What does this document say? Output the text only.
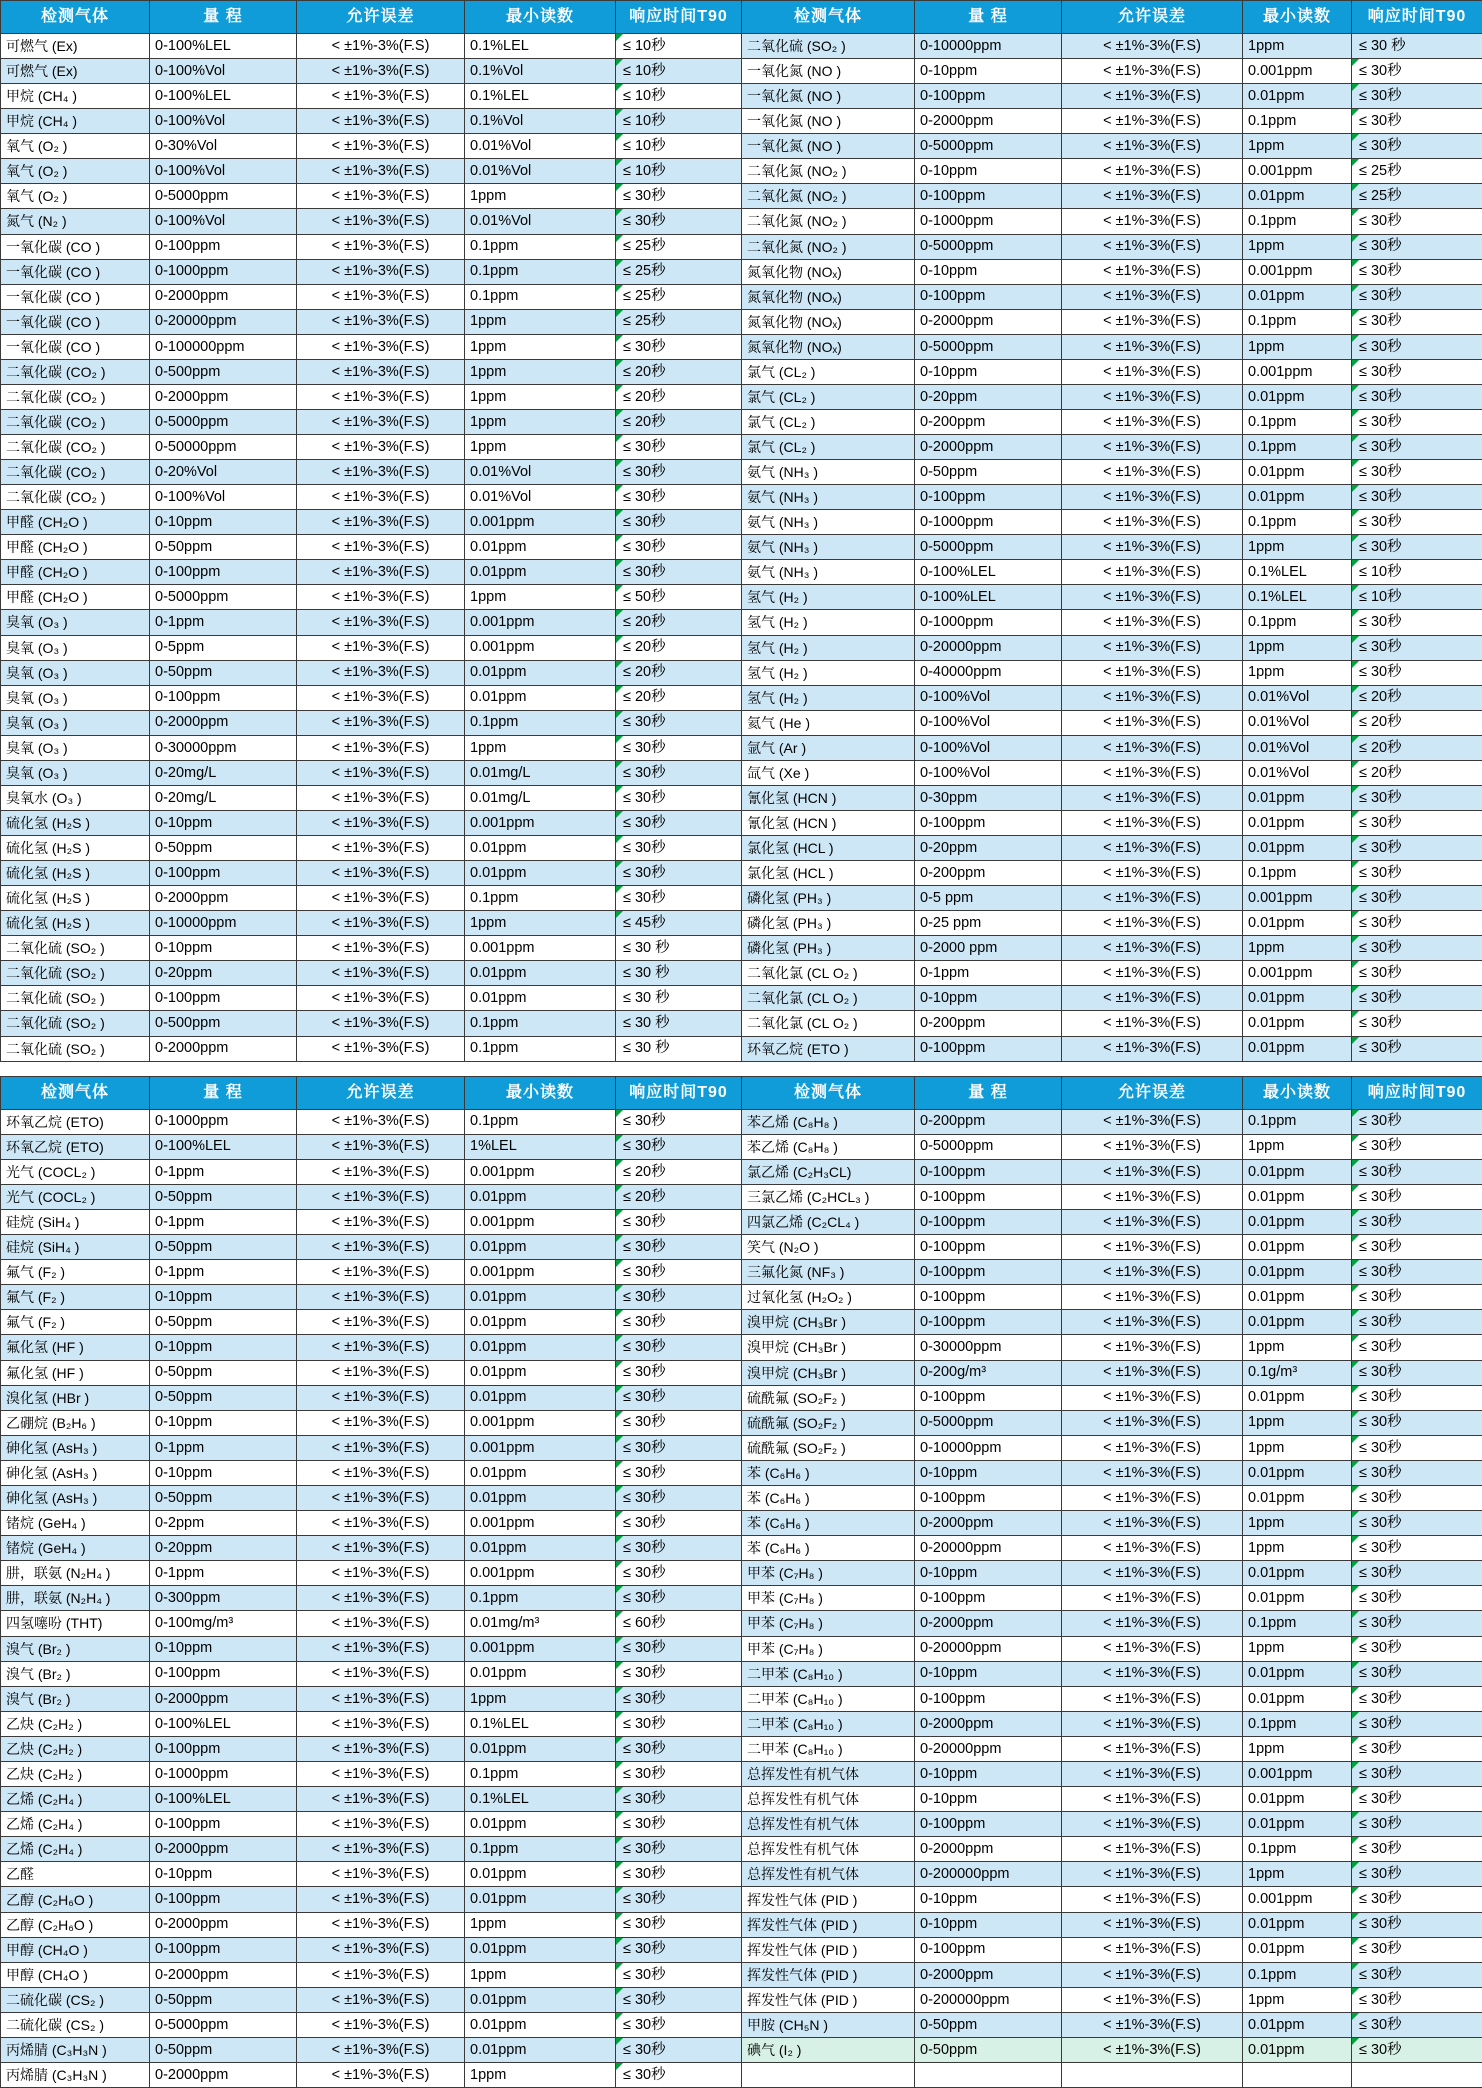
检测气体	量 程	允许误差	最小读数	响应时间T90	检测气体	量 程	允许误差	最小读数	响应时间T90
可燃气 (Ex)	0-100%LEL	< ±1%-3%(F.S)	0.1%LEL	≤ 10秒	二氧化硫 (SO₂ )	0-10000ppm	< ±1%-3%(F.S)	1ppm	≤ 30 秒
可燃气 (Ex)	0-100%Vol	< ±1%-3%(F.S)	0.1%Vol	≤ 10秒	一氧化氮 (NO )	0-10ppm	< ±1%-3%(F.S)	0.001ppm	≤ 30秒
甲烷 (CH₄ )	0-100%LEL	< ±1%-3%(F.S)	0.1%LEL	≤ 10秒	一氧化氮 (NO )	0-100ppm	< ±1%-3%(F.S)	0.01ppm	≤ 30秒
甲烷 (CH₄ )	0-100%Vol	< ±1%-3%(F.S)	0.1%Vol	≤ 10秒	一氧化氮 (NO )	0-2000ppm	< ±1%-3%(F.S)	0.1ppm	≤ 30秒
氧气 (O₂ )	0-30%Vol	< ±1%-3%(F.S)	0.01%Vol	≤ 10秒	一氧化氮 (NO )	0-5000ppm	< ±1%-3%(F.S)	1ppm	≤ 30秒
氧气 (O₂ )	0-100%Vol	< ±1%-3%(F.S)	0.01%Vol	≤ 10秒	二氧化氮 (NO₂ )	0-10ppm	< ±1%-3%(F.S)	0.001ppm	≤ 25秒
氧气 (O₂ )	0-5000ppm	< ±1%-3%(F.S)	1ppm	≤ 30秒	二氧化氮 (NO₂ )	0-100ppm	< ±1%-3%(F.S)	0.01ppm	≤ 25秒
氮气 (N₂ )	0-100%Vol	< ±1%-3%(F.S)	0.01%Vol	≤ 30秒	二氧化氮 (NO₂ )	0-1000ppm	< ±1%-3%(F.S)	0.1ppm	≤ 30秒
一氧化碳 (CO )	0-100ppm	< ±1%-3%(F.S)	0.1ppm	≤ 25秒	二氧化氮 (NO₂ )	0-5000ppm	< ±1%-3%(F.S)	1ppm	≤ 30秒
一氧化碳 (CO )	0-1000ppm	< ±1%-3%(F.S)	0.1ppm	≤ 25秒	氮氧化物 (NOₓ)	0-10ppm	< ±1%-3%(F.S)	0.001ppm	≤ 30秒
一氧化碳 (CO )	0-2000ppm	< ±1%-3%(F.S)	0.1ppm	≤ 25秒	氮氧化物 (NOₓ)	0-100ppm	< ±1%-3%(F.S)	0.01ppm	≤ 30秒
一氧化碳 (CO )	0-20000ppm	< ±1%-3%(F.S)	1ppm	≤ 25秒	氮氧化物 (NOₓ)	0-2000ppm	< ±1%-3%(F.S)	0.1ppm	≤ 30秒
一氧化碳 (CO )	0-100000ppm	< ±1%-3%(F.S)	1ppm	≤ 30秒	氮氧化物 (NOₓ)	0-5000ppm	< ±1%-3%(F.S)	1ppm	≤ 30秒
二氧化碳 (CO₂ )	0-500ppm	< ±1%-3%(F.S)	1ppm	≤ 20秒	氯气 (CL₂ )	0-10ppm	< ±1%-3%(F.S)	0.001ppm	≤ 30秒
二氧化碳 (CO₂ )	0-2000ppm	< ±1%-3%(F.S)	1ppm	≤ 20秒	氯气 (CL₂ )	0-20ppm	< ±1%-3%(F.S)	0.01ppm	≤ 30秒
二氧化碳 (CO₂ )	0-5000ppm	< ±1%-3%(F.S)	1ppm	≤ 20秒	氯气 (CL₂ )	0-200ppm	< ±1%-3%(F.S)	0.1ppm	≤ 30秒
二氧化碳 (CO₂ )	0-50000ppm	< ±1%-3%(F.S)	1ppm	≤ 30秒	氯气 (CL₂ )	0-2000ppm	< ±1%-3%(F.S)	0.1ppm	≤ 30秒
二氧化碳 (CO₂ )	0-20%Vol	< ±1%-3%(F.S)	0.01%Vol	≤ 30秒	氨气 (NH₃ )	0-50ppm	< ±1%-3%(F.S)	0.01ppm	≤ 30秒
二氧化碳 (CO₂ )	0-100%Vol	< ±1%-3%(F.S)	0.01%Vol	≤ 30秒	氨气 (NH₃ )	0-100ppm	< ±1%-3%(F.S)	0.01ppm	≤ 30秒
甲醛 (CH₂O )	0-10ppm	< ±1%-3%(F.S)	0.001ppm	≤ 30秒	氨气 (NH₃ )	0-1000ppm	< ±1%-3%(F.S)	0.1ppm	≤ 30秒
甲醛 (CH₂O )	0-50ppm	< ±1%-3%(F.S)	0.01ppm	≤ 30秒	氨气 (NH₃ )	0-5000ppm	< ±1%-3%(F.S)	1ppm	≤ 30秒
甲醛 (CH₂O )	0-100ppm	< ±1%-3%(F.S)	0.01ppm	≤ 30秒	氨气 (NH₃ )	0-100%LEL	< ±1%-3%(F.S)	0.1%LEL	≤ 10秒
甲醛 (CH₂O )	0-5000ppm	< ±1%-3%(F.S)	1ppm	≤ 50秒	氢气 (H₂ )	0-100%LEL	< ±1%-3%(F.S)	0.1%LEL	≤ 10秒
臭氧 (O₃ )	0-1ppm	< ±1%-3%(F.S)	0.001ppm	≤ 20秒	氢气 (H₂ )	0-1000ppm	< ±1%-3%(F.S)	0.1ppm	≤ 30秒
臭氧 (O₃ )	0-5ppm	< ±1%-3%(F.S)	0.001ppm	≤ 20秒	氢气 (H₂ )	0-20000ppm	< ±1%-3%(F.S)	1ppm	≤ 30秒
臭氧 (O₃ )	0-50ppm	< ±1%-3%(F.S)	0.01ppm	≤ 20秒	氢气 (H₂ )	0-40000ppm	< ±1%-3%(F.S)	1ppm	≤ 30秒
臭氧 (O₃ )	0-100ppm	< ±1%-3%(F.S)	0.01ppm	≤ 20秒	氢气 (H₂ )	0-100%Vol	< ±1%-3%(F.S)	0.01%Vol	≤ 20秒
臭氧 (O₃ )	0-2000ppm	< ±1%-3%(F.S)	0.1ppm	≤ 30秒	氦气 (He )	0-100%Vol	< ±1%-3%(F.S)	0.01%Vol	≤ 20秒
臭氧 (O₃ )	0-30000ppm	< ±1%-3%(F.S)	1ppm	≤ 30秒	氩气 (Ar )	0-100%Vol	< ±1%-3%(F.S)	0.01%Vol	≤ 20秒
臭氧 (O₃ )	0-20mg/L	< ±1%-3%(F.S)	0.01mg/L	≤ 30秒	氙气 (Xe )	0-100%Vol	< ±1%-3%(F.S)	0.01%Vol	≤ 20秒
臭氧水 (O₃ )	0-20mg/L	< ±1%-3%(F.S)	0.01mg/L	≤ 30秒	氰化氢 (HCN )	0-30ppm	< ±1%-3%(F.S)	0.01ppm	≤ 30秒
硫化氢 (H₂S )	0-10ppm	< ±1%-3%(F.S)	0.001ppm	≤ 30秒	氰化氢 (HCN )	0-100ppm	< ±1%-3%(F.S)	0.01ppm	≤ 30秒
硫化氢 (H₂S )	0-50ppm	< ±1%-3%(F.S)	0.01ppm	≤ 30秒	氯化氢 (HCL )	0-20ppm	< ±1%-3%(F.S)	0.01ppm	≤ 30秒
硫化氢 (H₂S )	0-100ppm	< ±1%-3%(F.S)	0.01ppm	≤ 30秒	氯化氢 (HCL )	0-200ppm	< ±1%-3%(F.S)	0.1ppm	≤ 30秒
硫化氢 (H₂S )	0-2000ppm	< ±1%-3%(F.S)	0.1ppm	≤ 30秒	磷化氢 (PH₃ )	0-5 ppm	< ±1%-3%(F.S)	0.001ppm	≤ 30秒
硫化氢 (H₂S )	0-10000ppm	< ±1%-3%(F.S)	1ppm	≤ 45秒	磷化氢 (PH₃ )	0-25 ppm	< ±1%-3%(F.S)	0.01ppm	≤ 30秒
二氧化硫 (SO₂ )	0-10ppm	< ±1%-3%(F.S)	0.001ppm	≤ 30 秒	磷化氢 (PH₃ )	0-2000 ppm	< ±1%-3%(F.S)	1ppm	≤ 30秒
二氧化硫 (SO₂ )	0-20ppm	< ±1%-3%(F.S)	0.01ppm	≤ 30 秒	二氧化氯 (CL O₂ )	0-1ppm	< ±1%-3%(F.S)	0.001ppm	≤ 30秒
二氧化硫 (SO₂ )	0-100ppm	< ±1%-3%(F.S)	0.01ppm	≤ 30 秒	二氧化氯 (CL O₂ )	0-10ppm	< ±1%-3%(F.S)	0.01ppm	≤ 30秒
二氧化硫 (SO₂ )	0-500ppm	< ±1%-3%(F.S)	0.1ppm	≤ 30 秒	二氧化氯 (CL O₂ )	0-200ppm	< ±1%-3%(F.S)	0.01ppm	≤ 30秒
二氧化硫 (SO₂ )	0-2000ppm	< ±1%-3%(F.S)	0.1ppm	≤ 30 秒	环氧乙烷 (ETO )	0-100ppm	< ±1%-3%(F.S)	0.01ppm	≤ 30秒
检测气体	量 程	允许误差	最小读数	响应时间T90	检测气体	量 程	允许误差	最小读数	响应时间T90
环氧乙烷 (ETO)	0-1000ppm	< ±1%-3%(F.S)	0.1ppm	≤ 30秒	苯乙烯 (C₈H₈ )	0-200ppm	< ±1%-3%(F.S)	0.1ppm	≤ 30秒
环氧乙烷 (ETO)	0-100%LEL	< ±1%-3%(F.S)	1%LEL	≤ 30秒	苯乙烯 (C₈H₈ )	0-5000ppm	< ±1%-3%(F.S)	1ppm	≤ 30秒
光气 (COCL₂ )	0-1ppm	< ±1%-3%(F.S)	0.001ppm	≤ 20秒	氯乙烯 (C₂H₃CL)	0-100ppm	< ±1%-3%(F.S)	0.01ppm	≤ 30秒
光气 (COCL₂ )	0-50ppm	< ±1%-3%(F.S)	0.01ppm	≤ 20秒	三氯乙烯 (C₂HCL₃ )	0-100ppm	< ±1%-3%(F.S)	0.01ppm	≤ 30秒
硅烷 (SiH₄ )	0-1ppm	< ±1%-3%(F.S)	0.001ppm	≤ 30秒	四氯乙烯 (C₂CL₄ )	0-100ppm	< ±1%-3%(F.S)	0.01ppm	≤ 30秒
硅烷 (SiH₄ )	0-50ppm	< ±1%-3%(F.S)	0.01ppm	≤ 30秒	笑气 (N₂O )	0-100ppm	< ±1%-3%(F.S)	0.01ppm	≤ 30秒
氟气 (F₂ )	0-1ppm	< ±1%-3%(F.S)	0.001ppm	≤ 30秒	三氟化氮 (NF₃ )	0-100ppm	< ±1%-3%(F.S)	0.01ppm	≤ 30秒
氟气 (F₂ )	0-10ppm	< ±1%-3%(F.S)	0.01ppm	≤ 30秒	过氧化氢 (H₂O₂ )	0-100ppm	< ±1%-3%(F.S)	0.01ppm	≤ 30秒
氟气 (F₂ )	0-50ppm	< ±1%-3%(F.S)	0.01ppm	≤ 30秒	溴甲烷 (CH₃Br )	0-100ppm	< ±1%-3%(F.S)	0.01ppm	≤ 30秒
氟化氢 (HF )	0-10ppm	< ±1%-3%(F.S)	0.01ppm	≤ 30秒	溴甲烷 (CH₃Br )	0-30000ppm	< ±1%-3%(F.S)	1ppm	≤ 30秒
氟化氢 (HF )	0-50ppm	< ±1%-3%(F.S)	0.01ppm	≤ 30秒	溴甲烷 (CH₃Br )	0-200g/m³	< ±1%-3%(F.S)	0.1g/m³	≤ 30秒
溴化氢 (HBr )	0-50ppm	< ±1%-3%(F.S)	0.01ppm	≤ 30秒	硫酰氟 (SO₂F₂ )	0-100ppm	< ±1%-3%(F.S)	0.01ppm	≤ 30秒
乙硼烷 (B₂H₆ )	0-10ppm	< ±1%-3%(F.S)	0.001ppm	≤ 30秒	硫酰氟 (SO₂F₂ )	0-5000ppm	< ±1%-3%(F.S)	1ppm	≤ 30秒
砷化氢 (AsH₃ )	0-1ppm	< ±1%-3%(F.S)	0.001ppm	≤ 30秒	硫酰氟 (SO₂F₂ )	0-10000ppm	< ±1%-3%(F.S)	1ppm	≤ 30秒
砷化氢 (AsH₃ )	0-10ppm	< ±1%-3%(F.S)	0.01ppm	≤ 30秒	苯 (C₆H₆ )	0-10ppm	< ±1%-3%(F.S)	0.01ppm	≤ 30秒
砷化氢 (AsH₃ )	0-50ppm	< ±1%-3%(F.S)	0.01ppm	≤ 30秒	苯 (C₆H₆ )	0-100ppm	< ±1%-3%(F.S)	0.01ppm	≤ 30秒
锗烷 (GeH₄ )	0-2ppm	< ±1%-3%(F.S)	0.001ppm	≤ 30秒	苯 (C₆H₆ )	0-2000ppm	< ±1%-3%(F.S)	1ppm	≤ 30秒
锗烷 (GeH₄ )	0-20ppm	< ±1%-3%(F.S)	0.01ppm	≤ 30秒	苯 (C₆H₆ )	0-20000ppm	< ±1%-3%(F.S)	1ppm	≤ 30秒
肼，联氨 (N₂H₄ )	0-1ppm	< ±1%-3%(F.S)	0.001ppm	≤ 30秒	甲苯 (C₇H₈ )	0-10ppm	< ±1%-3%(F.S)	0.01ppm	≤ 30秒
肼，联氨 (N₂H₄ )	0-300ppm	< ±1%-3%(F.S)	0.1ppm	≤ 30秒	甲苯 (C₇H₈ )	0-100ppm	< ±1%-3%(F.S)	0.01ppm	≤ 30秒
四氢噻吩 (THT)	0-100mg/m³	< ±1%-3%(F.S)	0.01mg/m³	≤ 60秒	甲苯 (C₇H₈ )	0-2000ppm	< ±1%-3%(F.S)	0.1ppm	≤ 30秒
溴气 (Br₂ )	0-10ppm	< ±1%-3%(F.S)	0.001ppm	≤ 30秒	甲苯 (C₇H₈ )	0-20000ppm	< ±1%-3%(F.S)	1ppm	≤ 30秒
溴气 (Br₂ )	0-100ppm	< ±1%-3%(F.S)	0.01ppm	≤ 30秒	二甲苯 (C₈H₁₀ )	0-10ppm	< ±1%-3%(F.S)	0.01ppm	≤ 30秒
溴气 (Br₂ )	0-2000ppm	< ±1%-3%(F.S)	1ppm	≤ 30秒	二甲苯 (C₈H₁₀ )	0-100ppm	< ±1%-3%(F.S)	0.01ppm	≤ 30秒
乙炔 (C₂H₂ )	0-100%LEL	< ±1%-3%(F.S)	0.1%LEL	≤ 30秒	二甲苯 (C₈H₁₀ )	0-2000ppm	< ±1%-3%(F.S)	0.1ppm	≤ 30秒
乙炔 (C₂H₂ )	0-100ppm	< ±1%-3%(F.S)	0.01ppm	≤ 30秒	二甲苯 (C₈H₁₀ )	0-20000ppm	< ±1%-3%(F.S)	1ppm	≤ 30秒
乙炔 (C₂H₂ )	0-1000ppm	< ±1%-3%(F.S)	0.1ppm	≤ 30秒	总挥发性有机气体	0-10ppm	< ±1%-3%(F.S)	0.001ppm	≤ 30秒
乙烯 (C₂H₄ )	0-100%LEL	< ±1%-3%(F.S)	0.1%LEL	≤ 30秒	总挥发性有机气体	0-10ppm	< ±1%-3%(F.S)	0.01ppm	≤ 30秒
乙烯 (C₂H₄ )	0-100ppm	< ±1%-3%(F.S)	0.01ppm	≤ 30秒	总挥发性有机气体	0-100ppm	< ±1%-3%(F.S)	0.01ppm	≤ 30秒
乙烯 (C₂H₄ )	0-2000ppm	< ±1%-3%(F.S)	0.1ppm	≤ 30秒	总挥发性有机气体	0-2000ppm	< ±1%-3%(F.S)	0.1ppm	≤ 30秒
乙醛	0-10ppm	< ±1%-3%(F.S)	0.01ppm	≤ 30秒	总挥发性有机气体	0-200000ppm	< ±1%-3%(F.S)	1ppm	≤ 30秒
乙醇 (C₂H₆O )	0-100ppm	< ±1%-3%(F.S)	0.01ppm	≤ 30秒	挥发性气体 (PID )	0-10ppm	< ±1%-3%(F.S)	0.001ppm	≤ 30秒
乙醇 (C₂H₆O )	0-2000ppm	< ±1%-3%(F.S)	1ppm	≤ 30秒	挥发性气体 (PID )	0-10ppm	< ±1%-3%(F.S)	0.01ppm	≤ 30秒
甲醇 (CH₄O )	0-100ppm	< ±1%-3%(F.S)	0.01ppm	≤ 30秒	挥发性气体 (PID )	0-100ppm	< ±1%-3%(F.S)	0.01ppm	≤ 30秒
甲醇 (CH₄O )	0-2000ppm	< ±1%-3%(F.S)	1ppm	≤ 30秒	挥发性气体 (PID )	0-2000ppm	< ±1%-3%(F.S)	0.1ppm	≤ 30秒
二硫化碳 (CS₂ )	0-50ppm	< ±1%-3%(F.S)	0.01ppm	≤ 30秒	挥发性气体 (PID )	0-200000ppm	< ±1%-3%(F.S)	1ppm	≤ 30秒
二硫化碳 (CS₂ )	0-5000ppm	< ±1%-3%(F.S)	0.01ppm	≤ 30秒	甲胺 (CH₅N )	0-50ppm	< ±1%-3%(F.S)	0.01ppm	≤ 30秒
丙烯腈 (C₃H₃N )	0-50ppm	< ±1%-3%(F.S)	0.01ppm	≤ 30秒	碘气 (I₂ )	0-50ppm	< ±1%-3%(F.S)	0.01ppm	≤ 30秒
丙烯腈 (C₃H₃N )	0-2000ppm	< ±1%-3%(F.S)	1ppm	≤ 30秒
